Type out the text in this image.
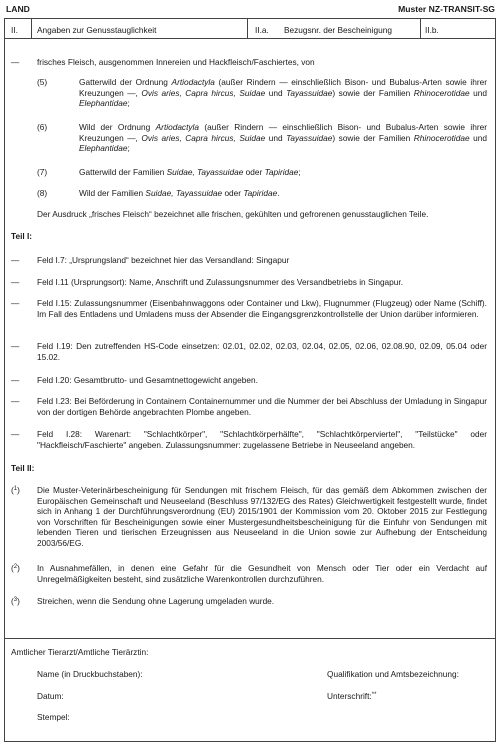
LAND	Muster NZ-TRANSIT-SG
II. Angaben zur Genusstauglichkeit	II.a. Bezugsnr. der Bescheinigung	II.b.
— frisches Fleisch, ausgenommen Innereien und Hackfleisch/Faschiertes, von
(5)	Gatterwild der Ordnung Artiodactyla (außer Rindern — einschließlich Bison- und Bubalus-Arten sowie ihrer Kreuzungen —, Ovis aries, Capra hircus, Suidae und Tayassuidae) sowie der Familien Rhinocerotidae und Elephantidae;
(6)	Wild der Ordnung Artiodactyla (außer Rindern — einschließlich Bison- und Bubalus-Arten sowie ihrer Kreuzungen —, Ovis aries, Capra hircus, Suidae und Tayassuidae) sowie der Familien Rhinocerotidae und Elephantidae;
(7)	Gatterwild der Familien Suidae, Tayassuidae oder Tapiridae;
(8)	Wild der Familien Suidae, Tayassuidae oder Tapiridae.
Der Ausdruck „frisches Fleisch“ bezeichnet alle frischen, gekühlten und gefrorenen genusstauglichen Teile.
Teil I:
— Feld I.7: „Ursprungsland“ bezeichnet hier das Versandland: Singapur
— Feld I.11 (Ursprungsort): Name, Anschrift und Zulassungsnummer des Versandbetriebs in Singapur.
— Feld I.15: Zulassungsnummer (Eisenbahnwaggons oder Container und Lkw), Flugnummer (Flugzeug) oder Name (Schiff). Im Fall des Entladens und Umladens muss der Absender die Eingangsgrenzkontrollstelle der Union darüber informieren.
— Feld I.19: Den zutreffenden HS-Code einsetzen: 02.01, 02.02, 02.03, 02.04, 02.05, 02.06, 02.08.90, 02.09, 05.04 oder 15.02.
— Feld I.20: Gesamtbrutto- und Gesamtnettogewicht angeben.
— Feld I.23: Bei Beförderung in Containern Containernummer und die Nummer der bei Abschluss der Umladung in Singapur von der dortigen Behörde angebrachten Plombe angeben.
— Feld I.28: Warenart: "Schlachtkörper", "Schlachtkörperhälfte", "Schlachtkörperviertel", "Teilstücke" oder "Hackfleisch/Faschierte" angeben. Zulassungsnummer: zugelassene Betriebe in Neuseeland angeben.
Teil II:
($^1$) Die Muster-Veterinärbescheinigung für Sendungen mit frischem Fleisch, für das gemäß dem Abkommen zwischen der Europäischen Gemeinschaft und Neuseeland (Beschluss 97/132/EG des Rates) Gleichwertigkeit festgestellt wurde, findet sich in Anhang 1 der Durchführungsverordnung (EU) 2015/1901 der Kommission vom 20. Oktober 2015 zur Festlegung von Vorschriften für Bescheinigungen sowie einer Mustergesundheitsbescheinigung für die Einfuhr von Sendungen mit lebenden Tieren und tierischen Erzeugnissen aus Neuseeland in die Union sowie zur Aufhebung der Entscheidung 2003/56/EG.
($^2$) In Ausnahmefällen, in denen eine Gefahr für die Gesundheit von Mensch oder Tier oder ein Verdacht auf Unregelmäßigkeiten besteht, sind zusätzliche Warenkontrollen durchzuführen.
($^3$) Streichen, wenn die Sendung ohne Lagerung umgeladen wurde.
Amtlicher Tierarzt/Amtliche Tierärztin:
Name (in Druckbuchstaben):	Qualifikation und Amtsbezeichnung:
Datum:	Unterschrift:**
Stempel:
